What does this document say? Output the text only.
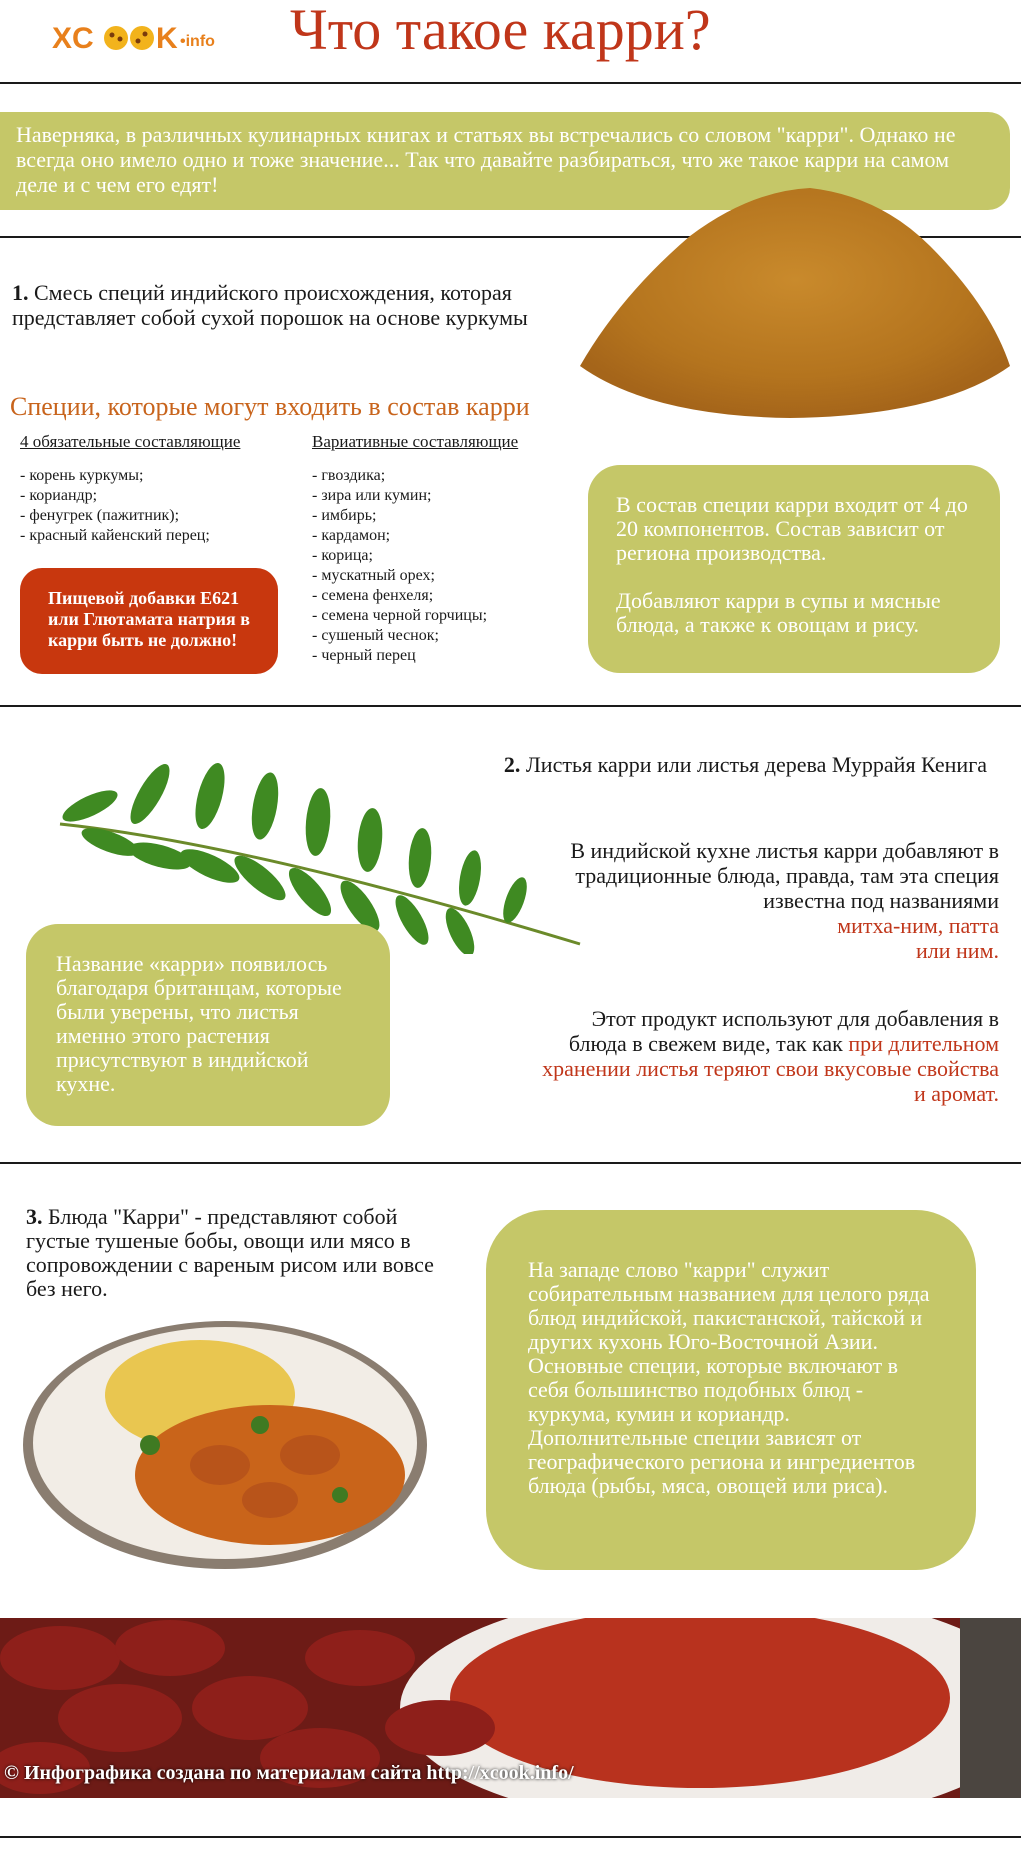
XC K •info Что такое карри?
Наверняка, в различных кулинарных книгах и статьях вы встречались со словом "карри". Однако не всегда оно имело одно и тоже значение... Так что давайте разбираться, что же такое карри на самом деле и с чем его едят!
1. Смесь специй индийского происхождения, которая представляет собой сухой порошок на основе куркумы
Специи, которые могут входить в состав карри
4 обязательные составляющие
- корень куркумы;
- кориандр;
- фенугрек (пажитник);
- красный кайенский перец;
Вариативные составляющие
- гвоздика;
- зира или кумин;
- имбирь;
- кардамон;
- корица;
- мускатный орех;
- семена фенхеля;
- семена черной горчицы;
- сушеный чеснок;
- черный перец
Пищевой добавки Е621 или Глютамата натрия в карри быть не должно!
В состав специи карри входит от 4 до 20 компонентов. Состав зависит от региона производства.
Добавляют карри в супы и мясные блюда, а также к овощам и рису.
2. Листья карри или листья дерева Муррайя Кенига
В индийской кухне листья карри добавляют в традиционные блюда, правда, там эта специя известна под названиями
митха-ним, патта или ним.
Этот продукт используют для добавления в блюда в свежем виде, так как при длительном хранении листья теряют свои вкусовые свойства и аромат.
Название «карри» появилось благодаря британцам, которые были уверены, что листья именно этого растения присутствуют в индийской кухне.
3. Блюда "Карри" - представляют собой густые тушеные бобы, овощи или мясо в сопровождении с вареным рисом или вовсе без него.
На западе слово "карри" служит собирательным названием для целого ряда блюд индийской, пакистанской, тайской и других кухонь Юго-Восточной Азии. Основные специи, которые включают в себя большинство подобных блюд - куркума, кумин и кориандр. Дополнительные специи зависят от географического региона и ингредиентов блюда (рыбы, мяса, овощей или риса).
© Инфографика создана по материалам сайта http://xcook.info/
